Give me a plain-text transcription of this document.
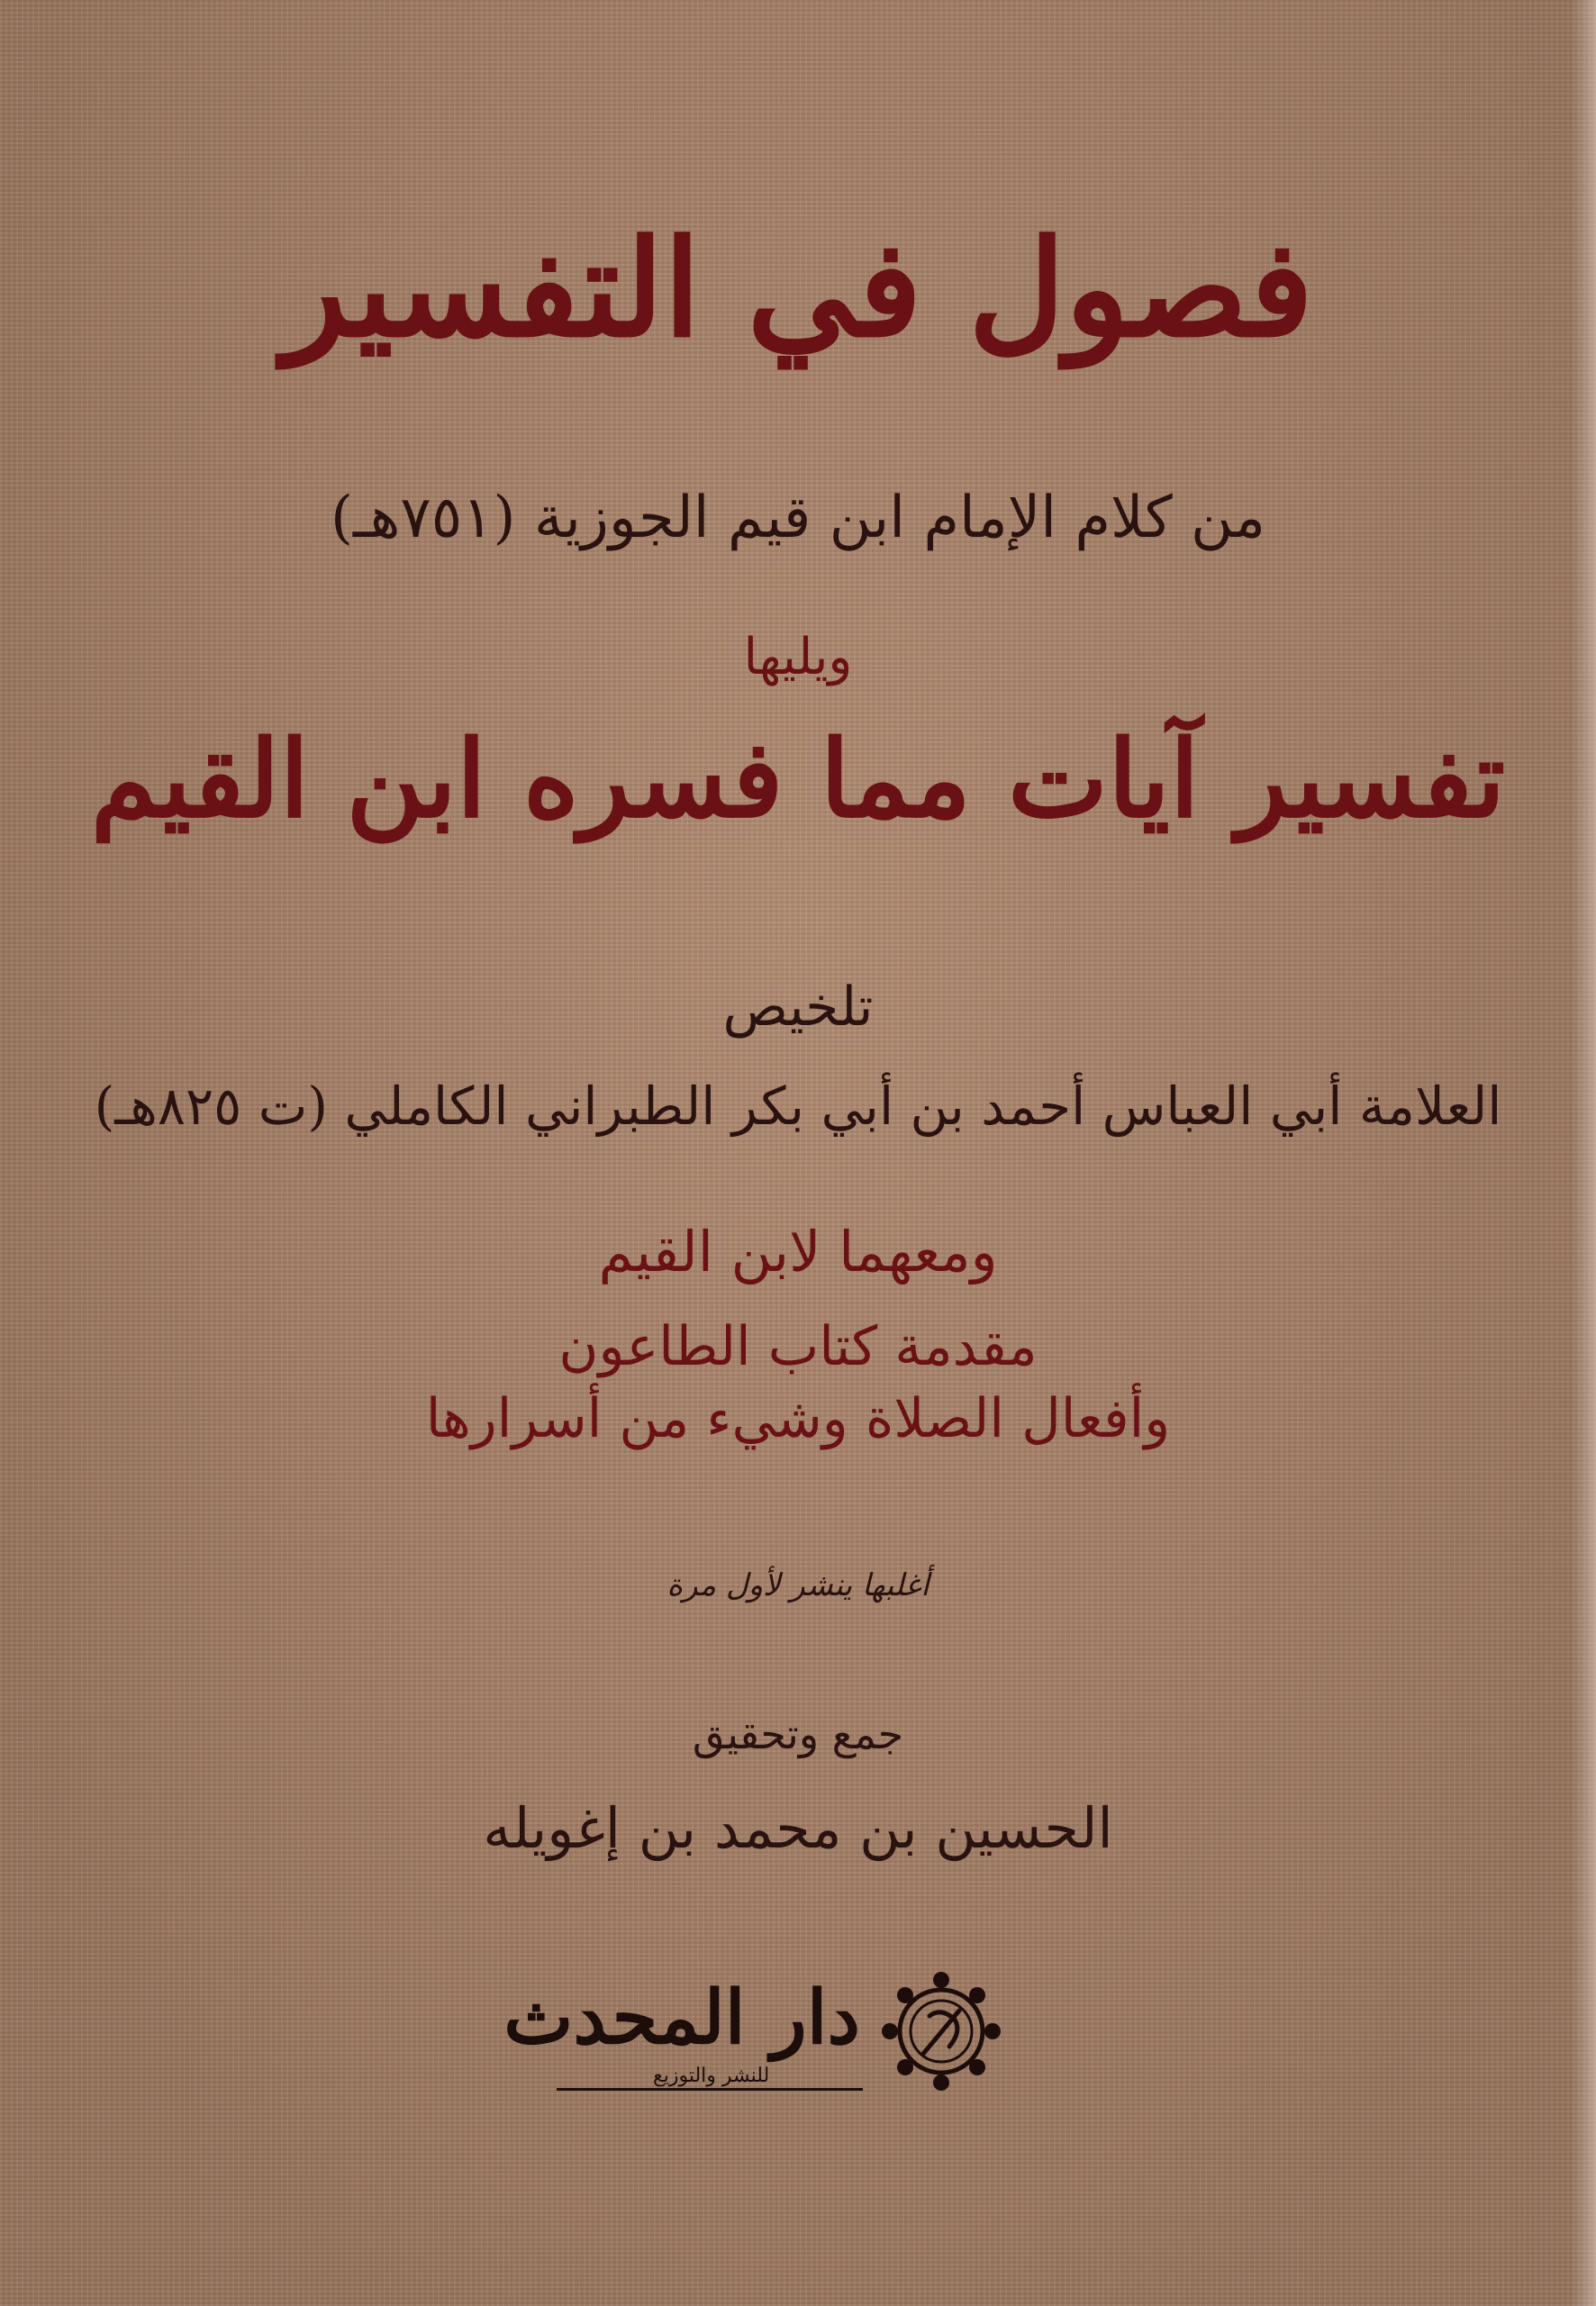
فصول في التفسير
من كلام الإمام ابن قيم الجوزية (٧٥١هـ)
ويليها
تفسير آيات مما فسره ابن القيم
تلخيص
العلامة أبي العباس أحمد بن أبي بكر الطبراني الكاملي (ت ٨٢٥هـ)
ومعهما لابن القيم
مقدمة كتاب الطاعون
وأفعال الصلاة وشيء من أسرارها
أغلبها ينشر لأول مرة
جمع وتحقيق
الحسين بن محمد بن إغويله
دار المحدث
للنشر والتوزيع
